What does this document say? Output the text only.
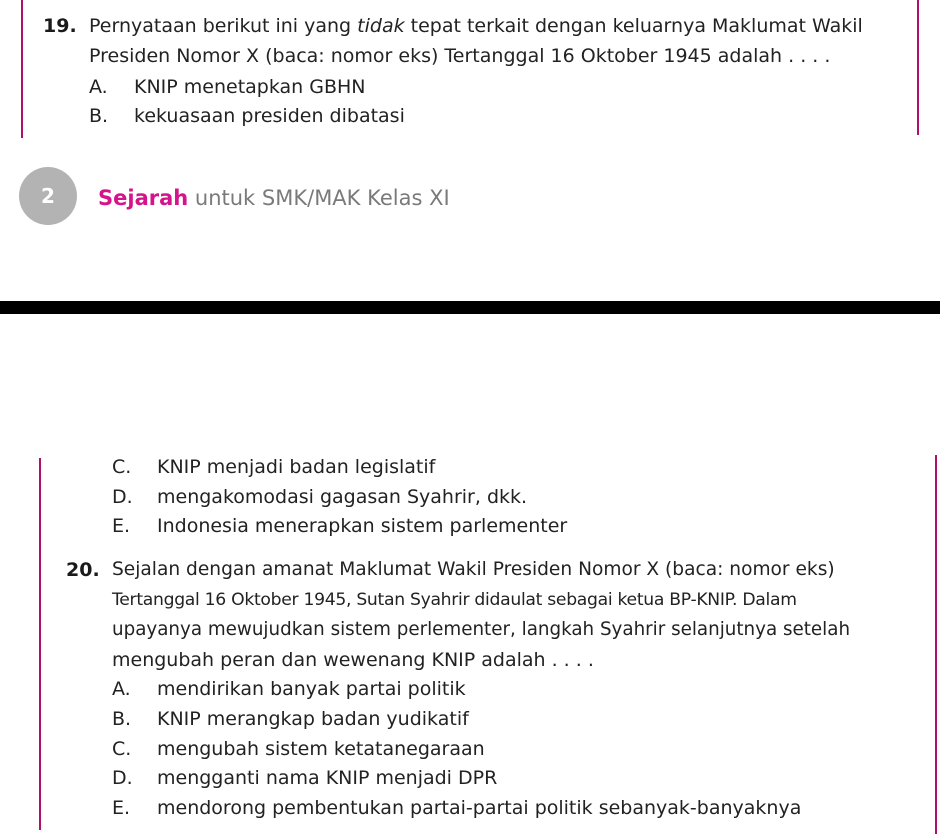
19. Pernyataan berikut ini yang tidak tepat terkait dengan keluarnya Maklumat Wakil
Presiden Nomor X (baca: nomor eks) Tertanggal 16 Oktober 1945 adalah . . . .
A. KNIP menetapkan GBHN
B. kekuasaan presiden dibatasi
2	Sejarah untuk SMK/MAK Kelas XI
C. KNIP menjadi badan legislatif
D. mengakomodasi gagasan Syahrir, dkk.
E. Indonesia menerapkan sistem parlementer
20. Sejalan dengan amanat Maklumat Wakil Presiden Nomor X (baca: nomor eks)
Tertanggal 16 Oktober 1945, Sutan Syahrir didaulat sebagai ketua BP-KNIP. Dalam
upayanya mewujudkan sistem perlementer, langkah Syahrir selanjutnya setelah
mengubah peran dan wewenang KNIP adalah . . . .
A. mendirikan banyak partai politik
B. KNIP merangkap badan yudikatif
C. mengubah sistem ketatanegaraan
D. mengganti nama KNIP menjadi DPR
E. mendorong pembentukan partai-partai politik sebanyak-banyaknya
